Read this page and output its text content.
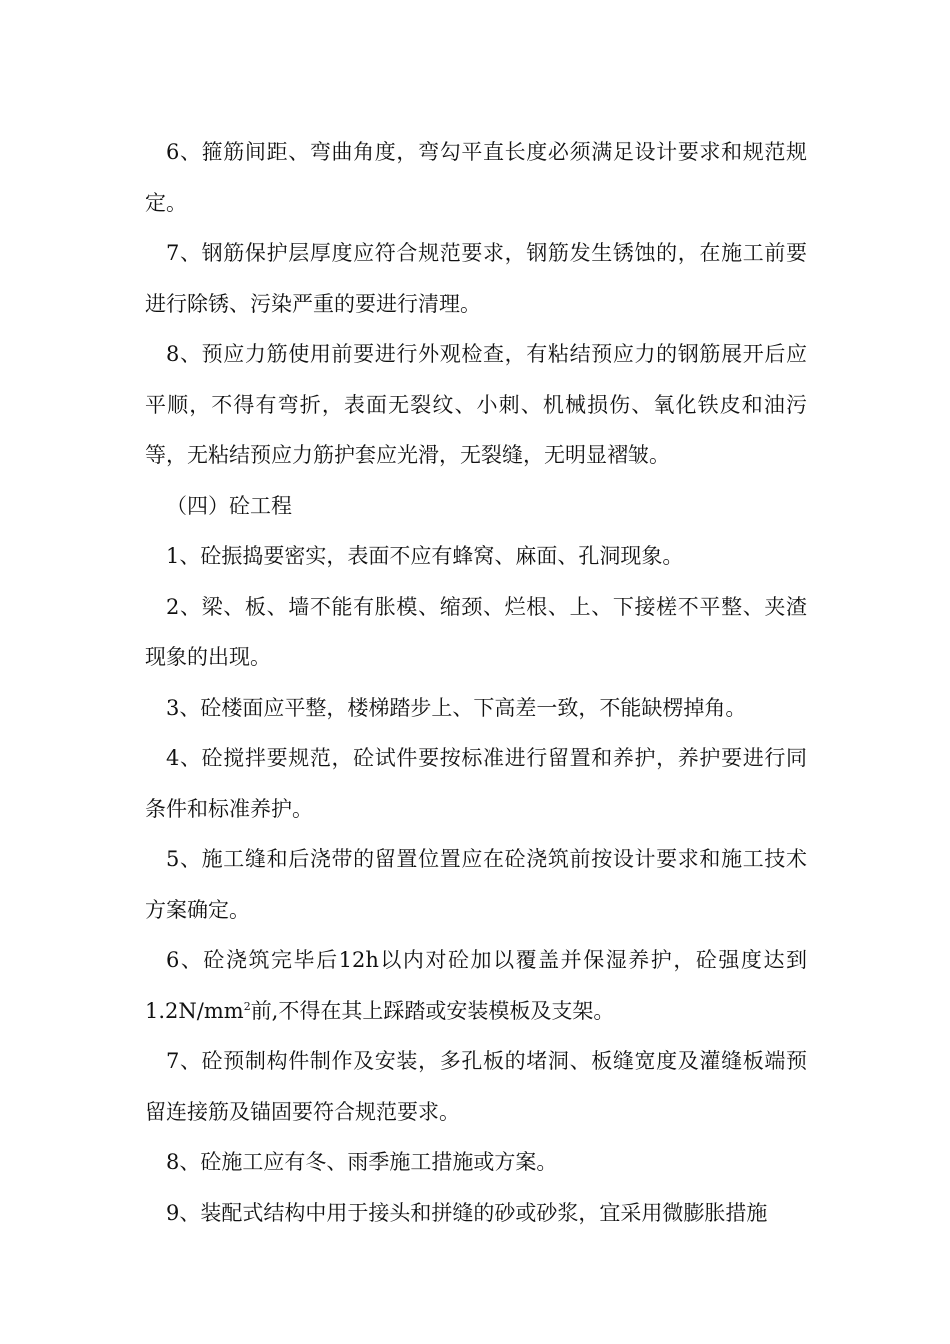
6、箍筋间距、弯曲角度，弯勾平直长度必须满足设计要求和规范规定。

7、钢筋保护层厚度应符合规范要求，钢筋发生锈蚀的，在施工前要进行除锈、污染严重的要进行清理。

8、预应力筋使用前要进行外观检查，有粘结预应力的钢筋展开后应平顺，不得有弯折，表面无裂纹、小刺、机械损伤、氧化铁皮和油污等，无粘结预应力筋护套应光滑，无裂缝，无明显褶皱。

（四）砼工程

1、砼振捣要密实，表面不应有蜂窝、麻面、孔洞现象。

2、梁、板、墙不能有胀模、缩颈、烂根、上、下接槎不平整、夹渣现象的出现。

3、砼楼面应平整，楼梯踏步上、下高差一致，不能缺楞掉角。

4、砼搅拌要规范，砼试件要按标准进行留置和养护，养护要进行同条件和标准养护。

5、施工缝和后浇带的留置位置应在砼浇筑前按设计要求和施工技术方案确定。

6、砼浇筑完毕后12h以内对砼加以覆盖并保湿养护，砼强度达到$1.2N/mm^2$前,不得在其上踩踏或安装模板及支架。

7、砼预制构件制作及安装，多孔板的堵洞、板缝宽度及灌缝板端预留连接筋及锚固要符合规范要求。

8、砼施工应有冬、雨季施工措施或方案。

9、装配式结构中用于接头和拼缝的砂或砂浆，宜采用微膨胀措施
